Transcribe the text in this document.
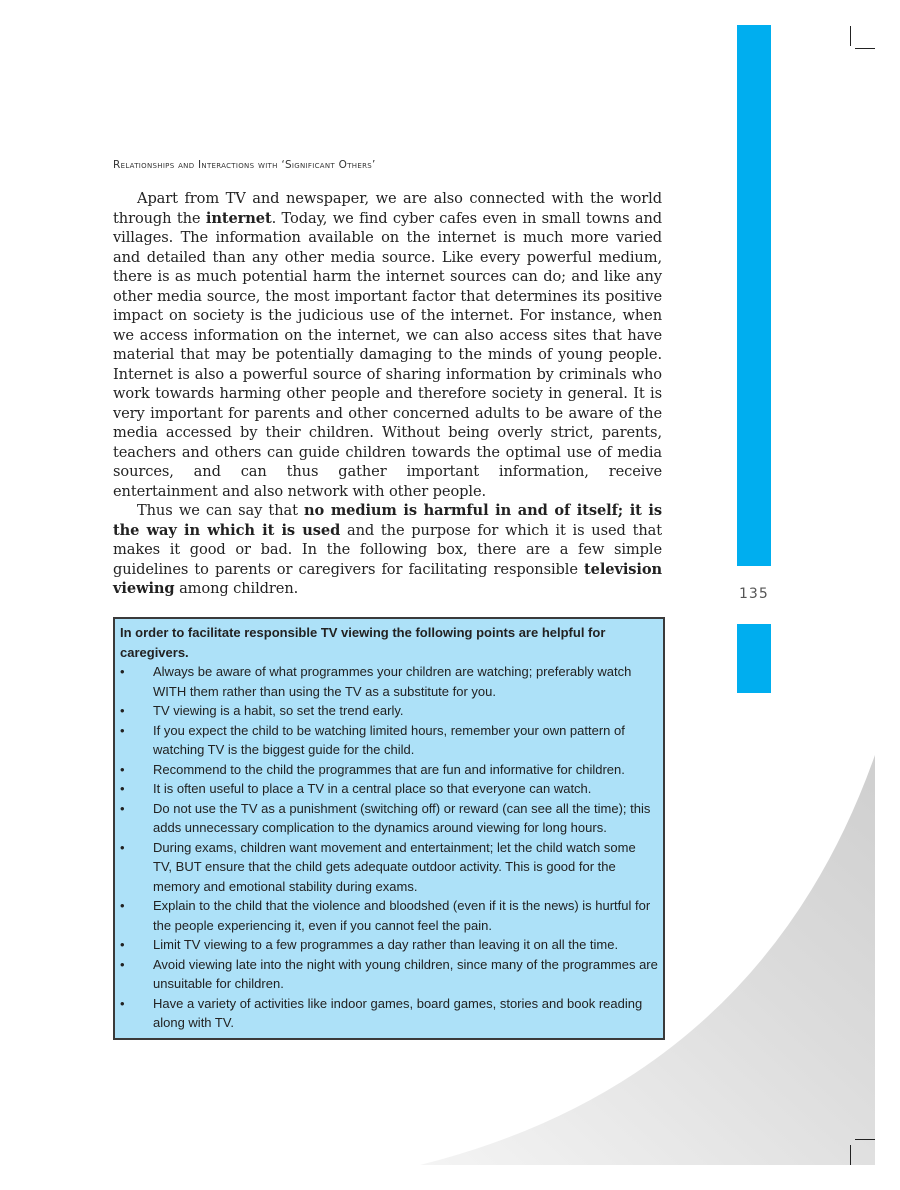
135
Relationships and Interactions with ‘Significant Others’

Apart from TV and newspaper, we are also connected with the world through the internet. Today, we find cyber cafes even in small towns and villages. The information available on the internet is much more varied and detailed than any other media source. Like every powerful medium, there is as much potential harm the internet sources can do; and like any other media source, the most important factor that determines its positive impact on society is the judicious use of the internet. For instance, when we access information on the internet, we can also access sites that have material that may be potentially damaging to the minds of young people. Internet is also a powerful source of sharing information by criminals who work towards harming other people and therefore society in general. It is very important for parents and other concerned adults to be aware of the media accessed by their children. Without being overly strict, parents, teachers and others can guide children towards the optimal use of media sources, and can thus gather important information, receive entertainment and also network with other people.

Thus we can say that no medium is harmful in and of itself; it is the way in which it is used and the purpose for which it is used that makes it good or bad. In the following box, there are a few simple guidelines to parents or caregivers for facilitating responsible television viewing among children.

In order to facilitate responsible TV viewing the following points are helpful for caregivers.

• Always be aware of what programmes your children are watching; preferably watch WITH them rather than using the TV as a substitute for you.
• TV viewing is a habit, so set the trend early.
• If you expect the child to be watching limited hours, remember your own pattern of watching TV is the biggest guide for the child.
• Recommend to the child the programmes that are fun and informative for children.
• It is often useful to place a TV in a central place so that everyone can watch.
• Do not use the TV as a punishment (switching off) or reward (can see all the time); this adds unnecessary complication to the dynamics around viewing for long hours.
• During exams, children want movement and entertainment; let the child watch some TV, BUT ensure that the child gets adequate outdoor activity. This is good for the memory and emotional stability during exams.
• Explain to the child that the violence and bloodshed (even if it is the news) is hurtful for the people experiencing it, even if you cannot feel the pain.
• Limit TV viewing to a few programmes a day rather than leaving it on all the time.
• Avoid viewing late into the night with young children, since many of the programmes are unsuitable for children.
• Have a variety of activities like indoor games, board games, stories and book reading along with TV.
